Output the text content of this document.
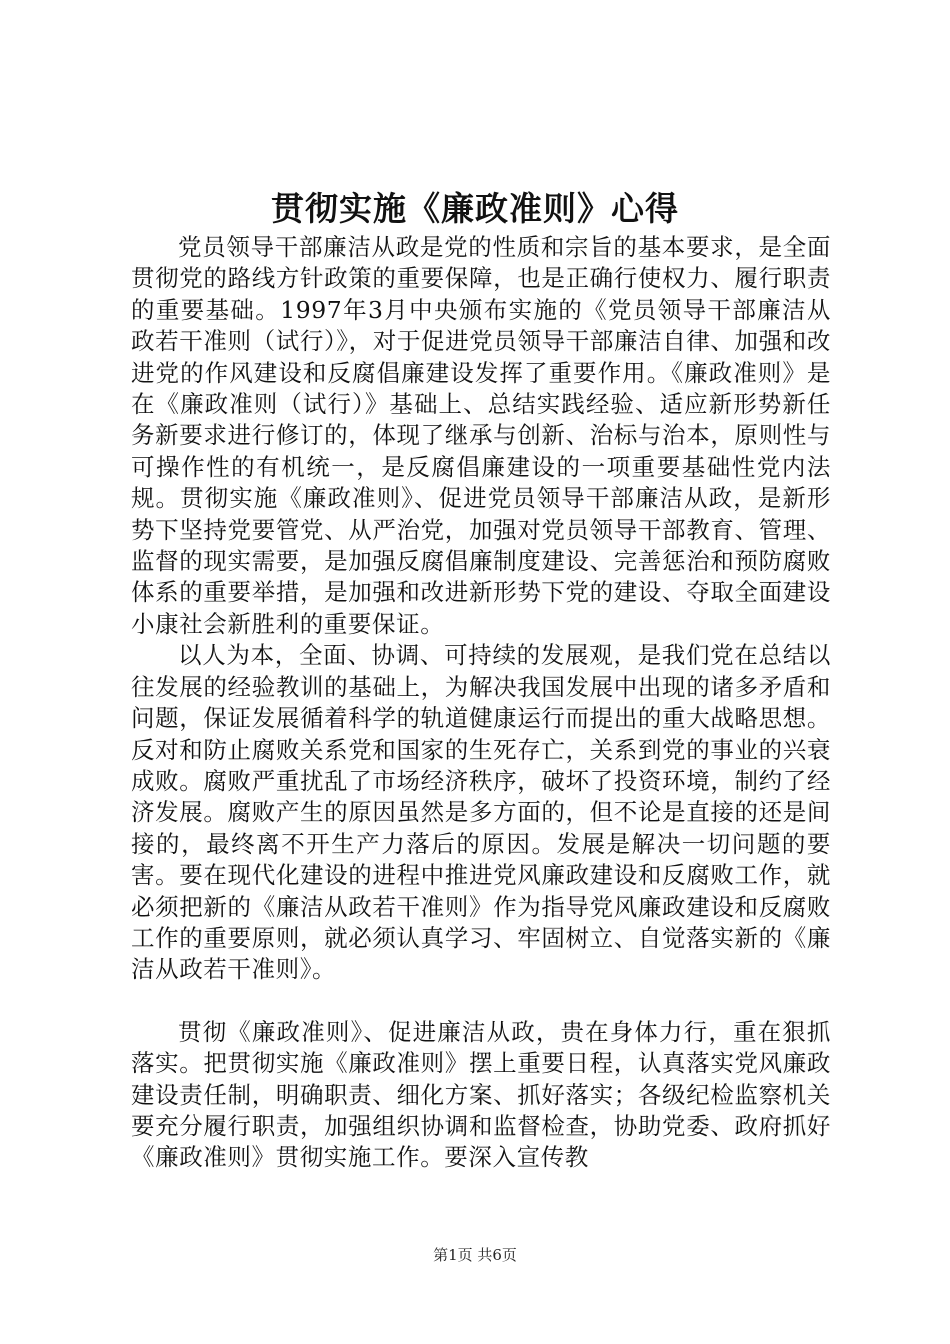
贯彻实施《廉政准则》心得

党员领导干部廉洁从政是党的性质和宗旨的基本要求，是全面贯彻党的路线方针政策的重要保障，也是正确行使权力、履行职责的重要基础。1997年3月中央颁布实施的《党员领导干部廉洁从政若干准则（试行）》，对于促进党员领导干部廉洁自律、加强和改进党的作风建设和反腐倡廉建设发挥了重要作用。《廉政准则》是在《廉政准则（试行）》基础上、总结实践经验、适应新形势新任务新要求进行修订的，体现了继承与创新、治标与治本，原则性与可操作性的有机统一，是反腐倡廉建设的一项重要基础性党内法规。贯彻实施《廉政准则》、促进党员领导干部廉洁从政，是新形势下坚持党要管党、从严治党，加强对党员领导干部教育、管理、监督的现实需要，是加强反腐倡廉制度建设、完善惩治和预防腐败体系的重要举措，是加强和改进新形势下党的建设、夺取全面建设小康社会新胜利的重要保证。

以人为本，全面、协调、可持续的发展观，是我们党在总结以往发展的经验教训的基础上，为解决我国发展中出现的诸多矛盾和问题，保证发展循着科学的轨道健康运行而提出的重大战略思想。反对和防止腐败关系党和国家的生死存亡，关系到党的事业的兴衰成败。腐败严重扰乱了市场经济秩序，破坏了投资环境，制约了经济发展。腐败产生的原因虽然是多方面的，但不论是直接的还是间接的，最终离不开生产力落后的原因。发展是解决一切问题的要害。要在现代化建设的进程中推进党风廉政建设和反腐败工作，就必须把新的《廉洁从政若干准则》作为指导党风廉政建设和反腐败工作的重要原则，就必须认真学习、牢固树立、自觉落实新的《廉洁从政若干准则》。

贯彻《廉政准则》、促进廉洁从政，贵在身体力行，重在狠抓落实。把贯彻实施《廉政准则》摆上重要日程，认真落实党风廉政建设责任制，明确职责、细化方案、抓好落实；各级纪检监察机关要充分履行职责，加强组织协调和监督检查，协助党委、政府抓好《廉政准则》贯彻实施工作。要深入宣传教

第1页 共6页
